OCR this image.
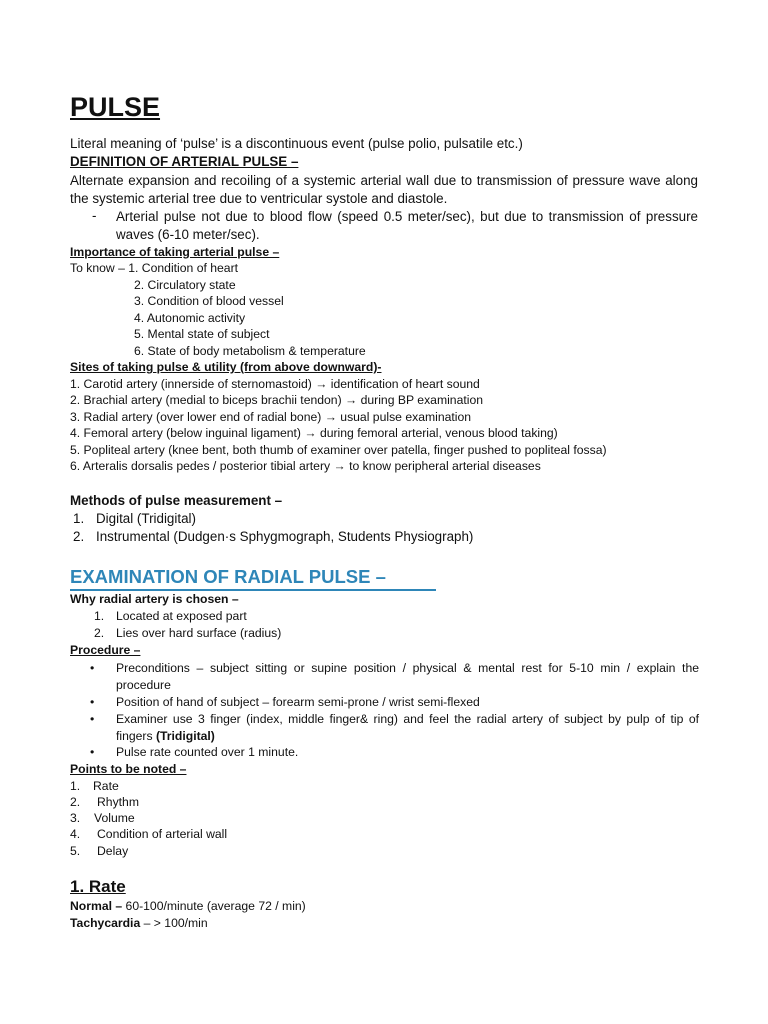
PULSE
Literal meaning of ‘pulse’ is a discontinuous event (pulse polio, pulsatile etc.)
DEFINITION OF ARTERIAL PULSE –
Alternate expansion and recoiling of a systemic arterial wall due to transmission of pressure wave along the systemic arterial tree due to ventricular systole and diastole.
- Arterial pulse not due to blood flow (speed 0.5 meter/sec), but due to transmission of pressure waves (6-10 meter/sec).
Importance of taking arterial pulse –
To know – 1. Condition of heart
2. Circulatory state
3. Condition of blood vessel
4. Autonomic activity
5. Mental state of subject
6. State of body metabolism & temperature
Sites of taking pulse & utility (from above downward)-
1. Carotid artery (innerside of sternomastoid) → identification of heart sound
2. Brachial artery (medial to biceps brachii tendon) → during BP examination
3. Radial artery (over lower end of radial bone) → usual pulse examination
4. Femoral artery (below inguinal ligament) → during femoral arterial, venous blood taking)
5. Popliteal artery (knee bent, both thumb of examiner over patella, finger pushed to popliteal fossa)
6. Arteralis dorsalis pedes / posterior tibial artery → to know peripheral arterial diseases
Methods of pulse measurement –
1. Digital (Tridigital)
2. Instrumental (Dudgen·s Sphygmograph, Students Physiograph)
EXAMINATION OF RADIAL PULSE –
Why radial artery is chosen –
1. Located at exposed part
2. Lies over hard surface (radius)
Procedure –
• Preconditions – subject sitting or supine position / physical & mental rest for 5-10 min / explain the procedure
• Position of hand of subject – forearm semi-prone / wrist semi-flexed
• Examiner use 3 finger (index, middle finger& ring) and feel the radial artery of subject by pulp of tip of fingers (Tridigital)
• Pulse rate counted over 1 minute.
Points to be noted –
1. Rate
2. Rhythm
3. Volume
4. Condition of arterial wall
5. Delay
1. Rate
Normal – 60-100/minute (average 72 / min)
Tachycardia – > 100/min
